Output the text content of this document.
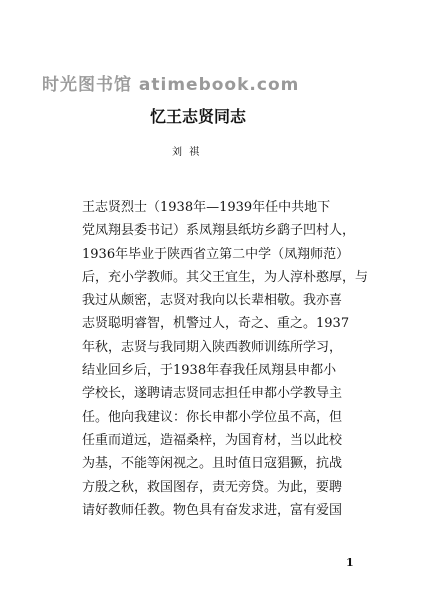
时光图书馆 atimebook.com
忆王志贤同志
刘 祺
王志贤烈士（1938年—1939年任中共地下
党凤翔县委书记）系凤翔县纸坊乡鹞子凹村人，
1936年毕业于陕西省立第二中学（凤翔师范）
后，充小学教师。其父王宜生，为人淳朴憨厚，与
我过从颇密，志贤对我向以长辈相敬。我亦喜
志贤聪明睿智，机警过人，奇之、重之。1937
年秋，志贤与我同期入陕西教师训练所学习，
结业回乡后，于1938年春我任凤翔县申都小
学校长，遂聘请志贤同志担任申都小学教导主
任。他向我建议：你长申都小学位虽不高，但
任重而道远，造福桑梓，为国育材，当以此校
为基，不能等闲视之。且时值日寇猖獗，抗战
方殷之秋，救国图存，责无旁贷。为此，要聘
请好教师任教。物色具有奋发求进，富有爱国
1
